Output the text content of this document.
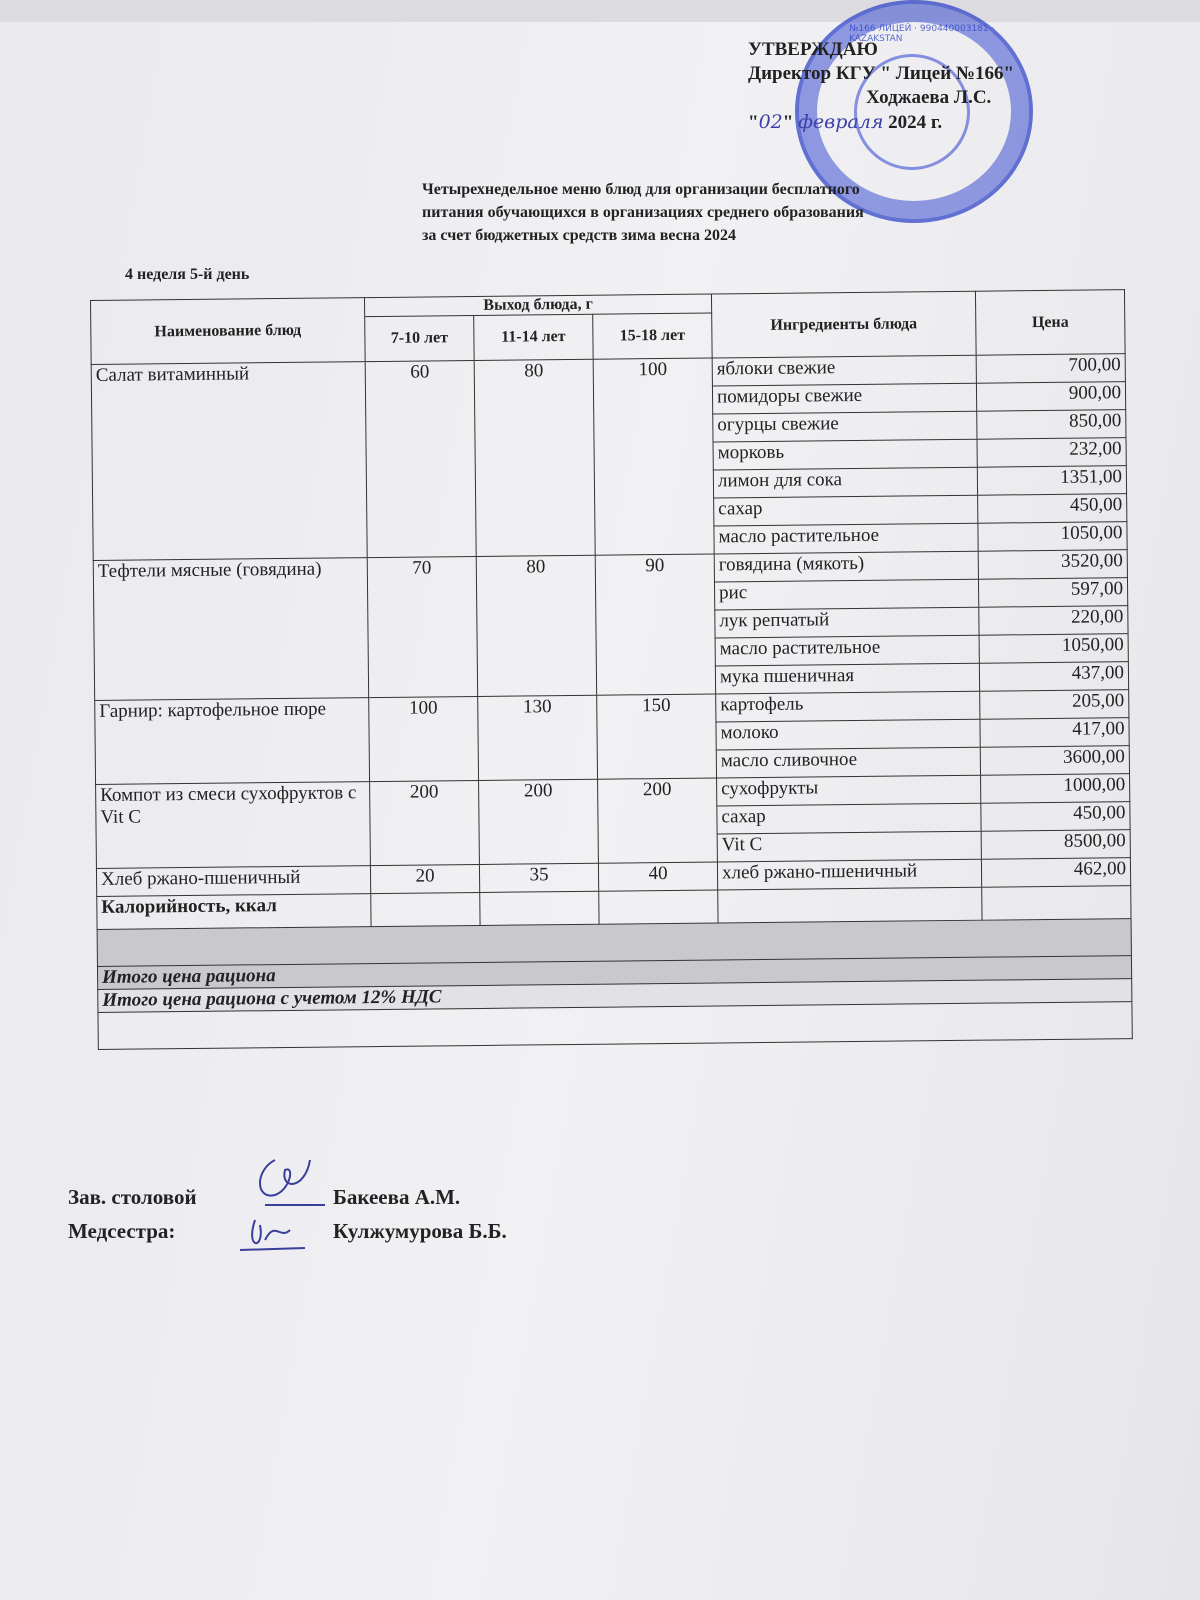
№166 ЛИЦЕЙ · 990440003181 · KAZAKSTAN
УТВЕРЖДАЮ
Директор КГУ " Лицей №166"
Ходжаева Л.С.
"02" февраля 2024 г.
Четырехнедельное меню блюд для организации бесплатного
питания обучающихся в организациях среднего образования
за счет бюджетных средств зима весна 2024
4 неделя 5-й день
Наименование блюд	Выход блюда, г			Ингредиенты блюда	Цена
	7-10 лет	11-14 лет	15-18 лет		
Салат витаминный	60	80	100	яблоки свежие	700,00
				помидоры свежие	900,00
				огурцы свежие	850,00
				морковь	232,00
				лимон для сока	1351,00
				сахар	450,00
				масло растительное	1050,00
Тефтели мясные (говядина)	70	80	90	говядина (мякоть)	3520,00
				рис	597,00
				лук репчатый	220,00
				масло растительное	1050,00
				мука пшеничная	437,00
Гарнир: картофельное пюре	100	130	150	картофель	205,00
				молоко	417,00
				масло сливочное	3600,00
Компот из смеси сухофруктов с Vit C	200	200	200	сухофрукты	1000,00
				сахар	450,00
				Vit C	8500,00
Хлеб ржано-пшеничный	20	35	40	хлеб ржано-пшеничный	462,00
Калорийность, ккал					

Итого цена рациона					
Итого цена рациона с учетом 12% НДС					

Зав. столовой	Бакеева А.М.
Медсестра:	Кулжумурова Б.Б.
